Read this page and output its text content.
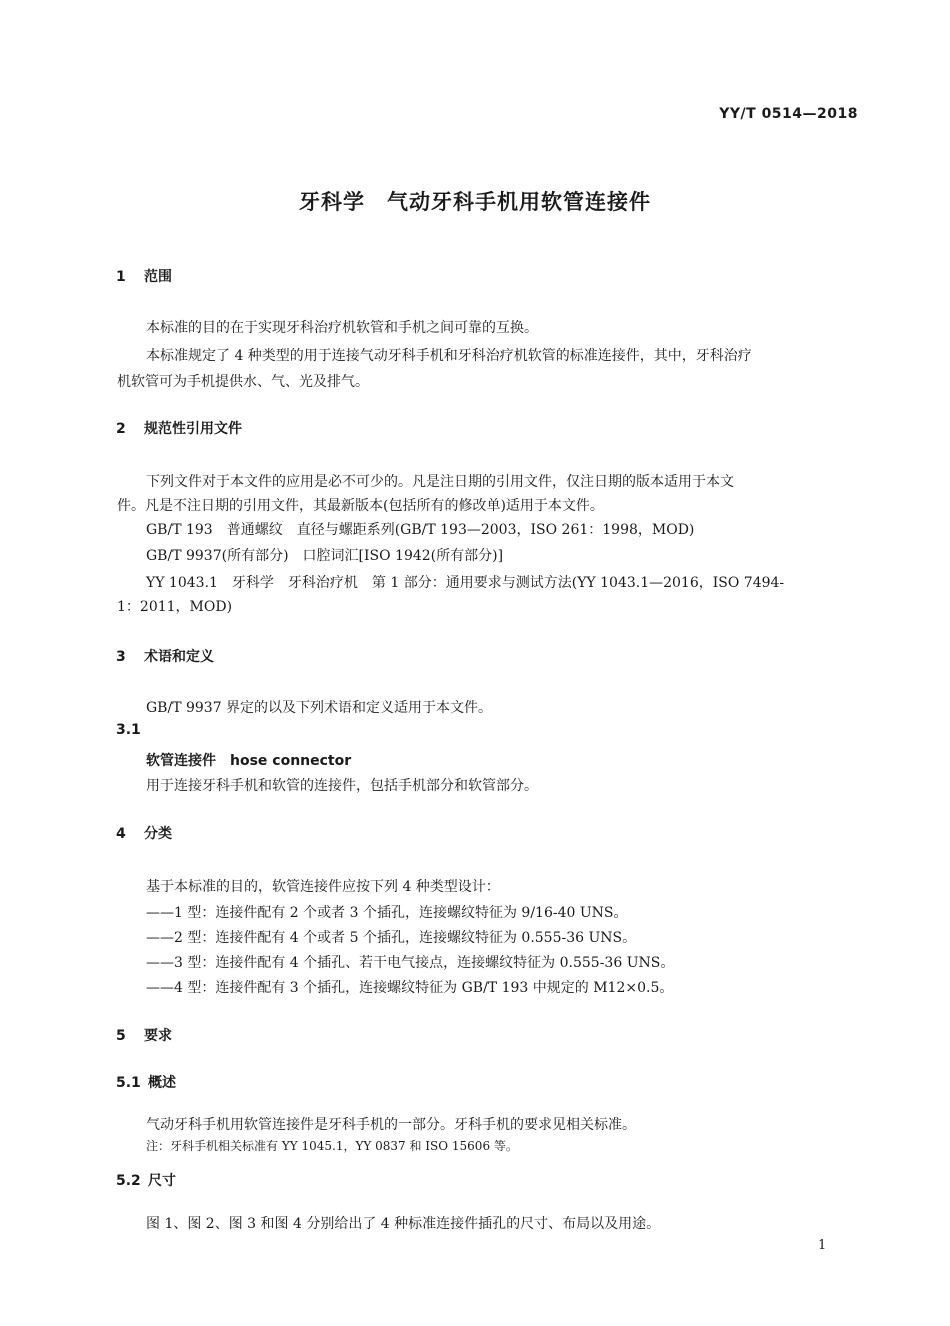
YY/T 0514—2018
牙科学　气动牙科手机用软管连接件
1 范围
本标准的目的在于实现牙科治疗机软管和手机之间可靠的互换。
本标准规定了 4 种类型的用于连接气动牙科手机和牙科治疗机软管的标准连接件，其中，牙科治疗
机软管可为手机提供水、气、光及排气。
2 规范性引用文件
下列文件对于本文件的应用是必不可少的。凡是注日期的引用文件，仅注日期的版本适用于本文
件。凡是不注日期的引用文件，其最新版本(包括所有的修改单)适用于本文件。
GB/T 193　普通螺纹　直径与螺距系列(GB/T 193—2003，ISO 261：1998，MOD)
GB/T 9937(所有部分)　口腔词汇[ISO 1942(所有部分)]
YY 1043.1　牙科学　牙科治疗机　第 1 部分：通用要求与测试方法(YY 1043.1—2016，ISO 7494-
1：2011，MOD)
3 术语和定义
GB/T 9937 界定的以及下列术语和定义适用于本文件。
3.1
软管连接件　hose connector
用于连接牙科手机和软管的连接件，包括手机部分和软管部分。
4 分类
基于本标准的目的，软管连接件应按下列 4 种类型设计：
——1 型：连接件配有 2 个或者 3 个插孔，连接螺纹特征为 9/16-40 UNS。
——2 型：连接件配有 4 个或者 5 个插孔，连接螺纹特征为 0.555-36 UNS。
——3 型：连接件配有 4 个插孔、若干电气接点，连接螺纹特征为 0.555-36 UNS。
——4 型：连接件配有 3 个插孔，连接螺纹特征为 GB/T 193 中规定的 M12×0.5。
5 要求
5.1 概述
气动牙科手机用软管连接件是牙科手机的一部分。牙科手机的要求见相关标准。
注：牙科手机相关标准有 YY 1045.1，YY 0837 和 ISO 15606 等。
5.2 尺寸
图 1、图 2、图 3 和图 4 分别给出了 4 种标准连接件插孔的尺寸、布局以及用途。
1
